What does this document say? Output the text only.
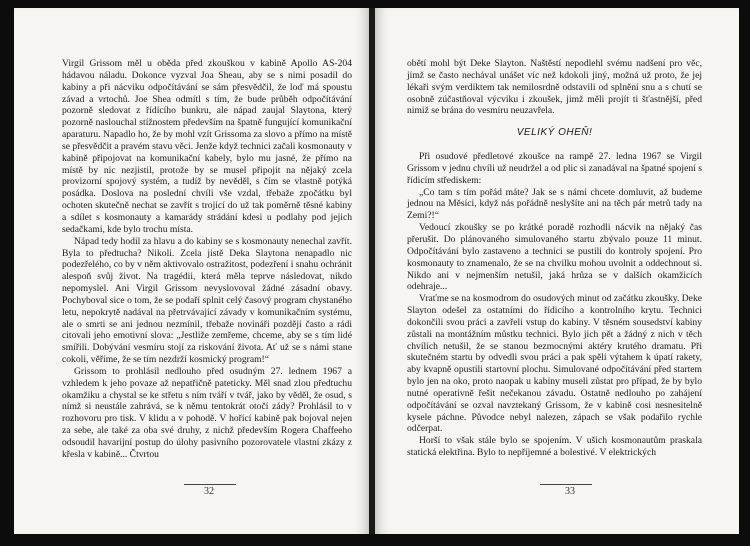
Virgil Grissom měl u oběda před zkouškou v kabině Apollo AS-204 hádavou náladu. Dokonce vyzval Joa Sheau, aby se s nimi posadil do kabiny a při nácviku odpočítávání se sám přesvědčil, že loď má spoustu závad a vrtochů. Joe Shea odmítl s tím, že bude průběh odpočítávání pozorně sledovat z řídicího bunkru, ale nápad zaujal Slaytona, který pozorně naslouchal stížnostem především na špatně fungující komunikační aparaturu. Napadlo ho, že by mohl vzít Grissoma za slovo a přímo na místě se přesvědčit a pravém stavu věci. Jenže když technici začali kosmonauty v kabině připojovat na komunikační kabely, bylo mu jasné, že přímo na místě by nic nezjistil, protože by se musel připojit na nějaký zcela provizorní spojový systém, a tudíž by nevěděl, s čím se vlastně potýká posádka. Doslova na poslední chvíli vše vzdal, třebaže zpočátku byl ochoten skutečně nechat se zavřít s trojicí do už tak poměrně těsné kabiny a sdílet s kosmonauty a kamarády strádání kdesi u podlahy pod jejich sedačkami, kde bylo trochu místa.

Nápad tedy hodil za hlavu a do kabiny se s kosmonauty nenechal zavřít. Byla to předtucha? Nikoli. Zcela jistě Deka Slaytona nenapadlo nic podezřelého, co by v něm aktivovalo ostražitost, podezření i snahu ochránit alespoň svůj život. Na tragédii, která měla teprve následovat, nikdo nepomyslel. Ani Virgil Grissom nevyslovoval žádné zásadní obavy. Pochyboval sice o tom, že se podaří splnit celý časový program chystaného letu, nepokrytě nadával na přetrvávající závady v komunikačním systému, ale o smrti se ani jednou nezmínil, třebaže novináři později často a rádi citovali jeho emotivní slova: „Jestliže zemřeme, chceme, aby se s tím lidé smířili. Dobývání vesmíru stojí za riskování života. Ať už se s námi stane cokoli, věříme, že se tím nezdrží kosmický program!“

Grissom to prohlásil nedlouho před osudným 27. lednem 1967 a vzhledem k jeho povaze až nepatřičně pateticky. Měl snad zlou předtuchu okamžiku a chystal se ke střetu s ním tváří v tvář, jako by věděl, že osud, s nímž si neustále zahrává, se k němu tentokrát otočí zády? Prohlásil to v rozhovoru pro tisk. V klidu a v pohodě. V hořící kabině pak bojoval nejen za sebe, ale také za oba své druhy, z nichž především Rogera Chaffeeho odsoudil havarijní postup do úlohy pasivního pozorovatele vlastní zkázy z křesla v kabině... Čtvrtou

32

obětí mohl být Deke Slayton. Naštěstí nepodlehl svému nadšení pro věc, jímž se často nechával unášet víc než kdokoli jiný, možná už proto, že jej lékaři svým verdiktem tak nemilosrdně odstavili od splnění snu a s chutí se osobně zúčastňoval výcviku i zkoušek, jimž měli projít ti šťastnější, před nimiž se brána do vesmíru neuzavřela.

VELIKÝ OHEŇ!

Při osudové předletové zkoušce na rampě 27. ledna 1967 se Virgil Grissom v jednu chvíli už neudržel a od plic si zanadával na špatné spojení s řídicím střediskem:

„Co tam s tím pořád máte? Jak se s námi chcete domluvit, až budeme jednou na Měsíci, když nás pořádně neslyšíte ani na těch pár metrů tady na Zemi?!“

Vedoucí zkoušky se po krátké poradě rozhodli nácvik na nějaký čas přerušit. Do plánovaného simulovaného startu zbývalo pouze 11 minut. Odpočítávání bylo zastaveno a technici se pustili do kontroly spojení. Pro kosmonauty to znamenalo, že se na chvilku mohou uvolnit a oddechnout si. Nikdo ani v nejmenším netušil, jaká hrůza se v dalších okamžicích odehraje...

Vraťme se na kosmodrom do osudových minut od začátku zkoušky. Deke Slayton odešel za ostatními do řídicího a kontrolního krytu. Technici dokončili svou práci a zavřeli vstup do kabiny. V těsném sousedství kabiny zůstali na montážním můstku technici. Bylo jich pět a žádný z nich v těch chvílích netušil, že se stanou bezmocnými aktéry krutého dramatu. Při skutečném startu by odvedli svou práci a pak spěli výtahem k úpatí rakety, aby kvapně opustili startovní plochu. Simulované odpočítávání před startem bylo jen na oko, proto naopak u kabiny museli zůstat pro případ, že by bylo nutné operativně řešit nečekanou závadu. Ostatně nedlouho po zahájení odpočítávání se ozval navztekaný Grissom, že v kabině cosi nesnesitelně kysele páchne. Původce nebyl nalezen, zápach se však podařilo rychle odčerpat.

Horší to však stále bylo se spojením. V ušich kosmonautům praskala statická elektřina. Bylo to nepříjemné a bolestivé. V elektrických

33
